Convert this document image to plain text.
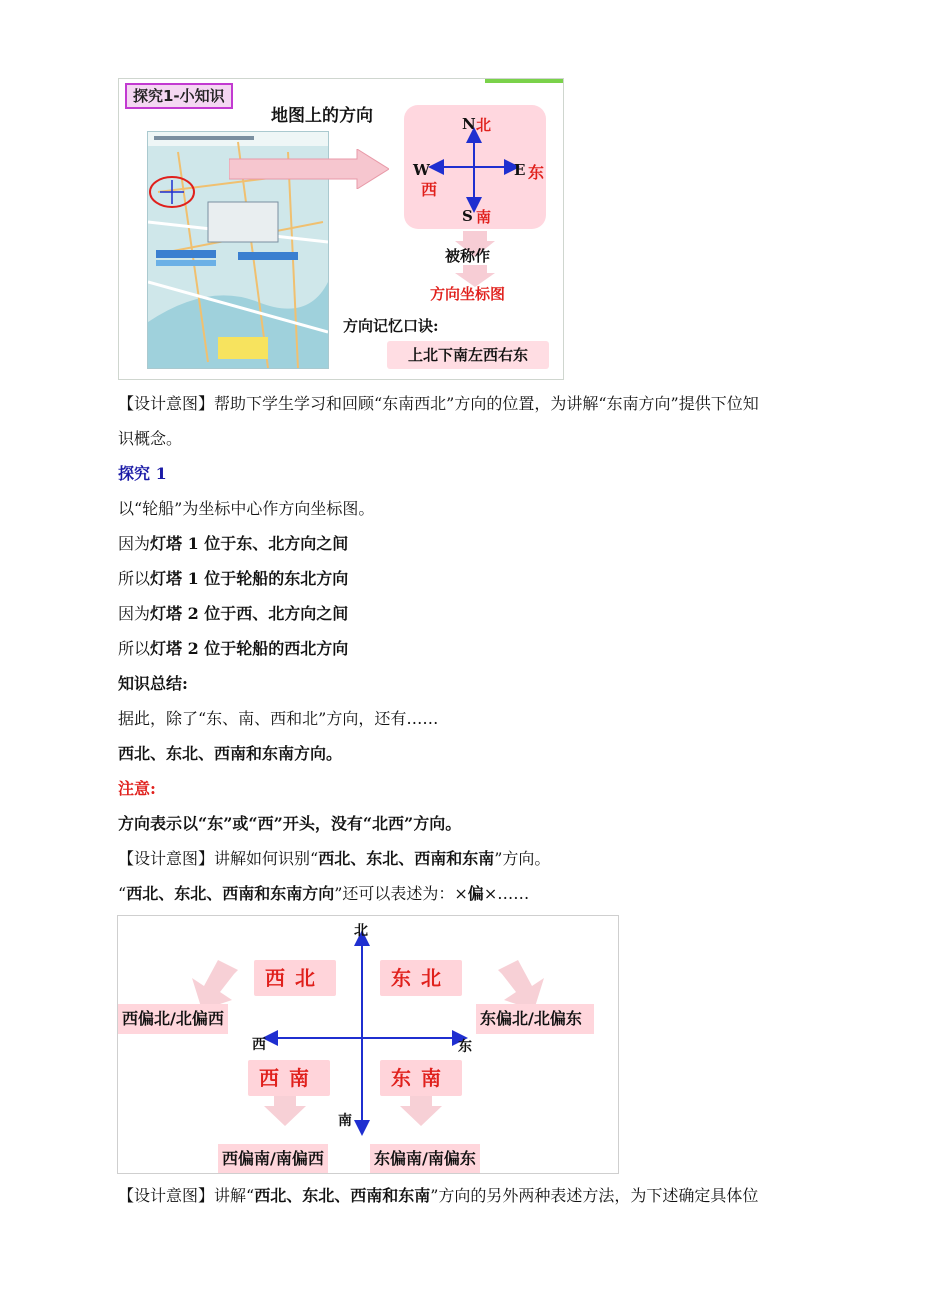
探究1-小知识
地图上的方向	N 北
S 南
E 东
W
西
被称作
方向坐标图
方向记忆口诀:
上北下南左西右东
【设计意图】帮助下学生学习和回顾“东南西北”方向的位置，为讲解“东南方向”提供下位知
识概念。
探究 1
以“轮船”为坐标中心作方向坐标图。
因为灯塔 1 位于东、北方向之间
所以灯塔 1 位于轮船的东北方向
因为灯塔 2 位于西、北方向之间
所以灯塔 2 位于轮船的西北方向
知识总结:
据此，除了“东、南、西和北”方向，还有……
西北、东北、西南和东南方向。
注意:
方向表示以“东”或“西”开头，没有“北西”方向。
【设计意图】讲解如何识别“西北、东北、西南和东南”方向。
“西北、东北、西南和东南方向”还可以表述为：×偏×……
北
南
东
西
西北	东北
西南	东南
西偏北/北偏西	东偏北/北偏东
西偏南/南偏西	东偏南/南偏东
【设计意图】讲解“西北、东北、西南和东南”方向的另外两种表述方法，为下述确定具体位
